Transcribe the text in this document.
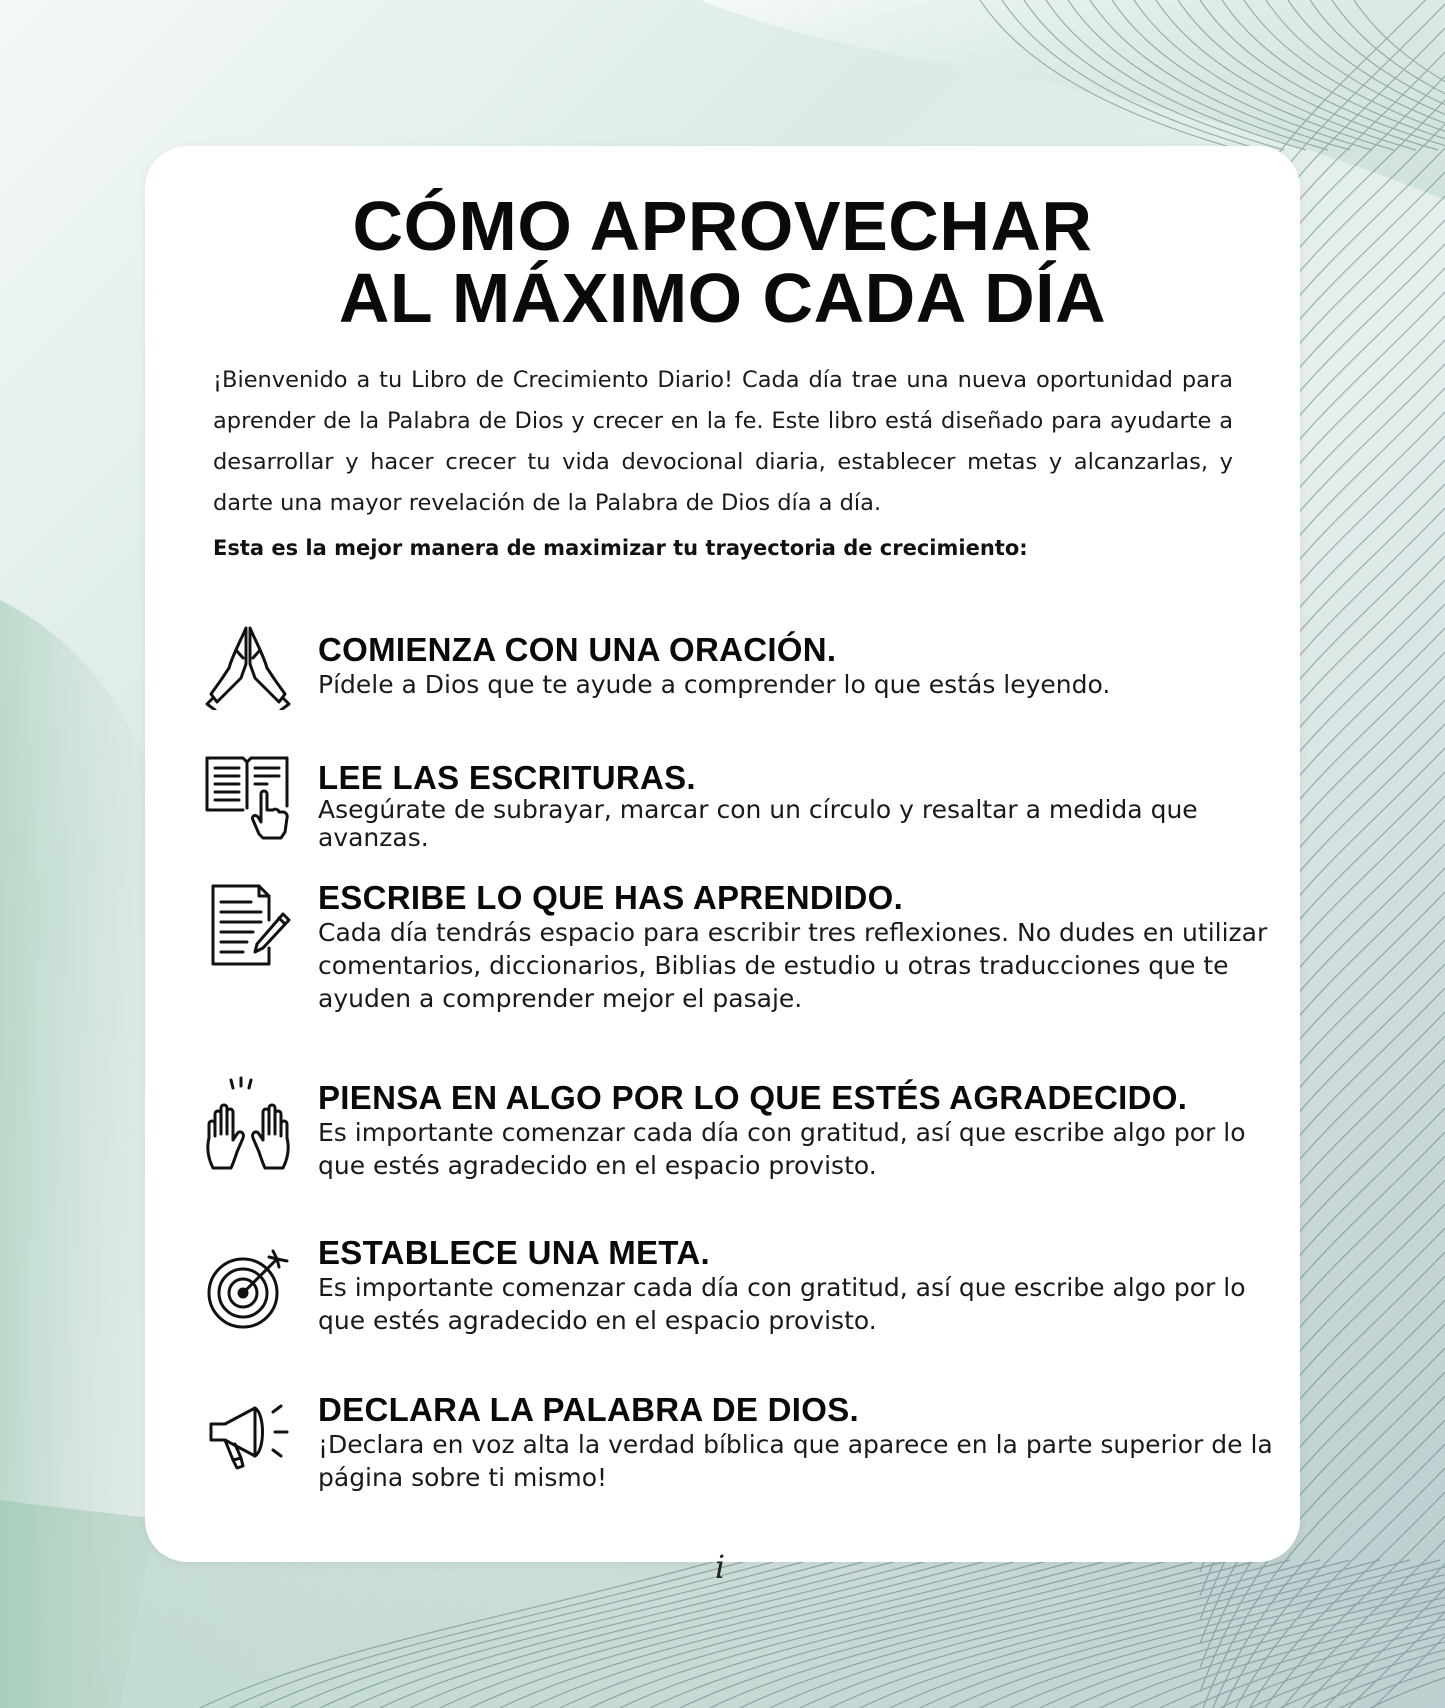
CÓMO APROVECHAR
AL MÁXIMO CADA DÍA
¡Bienvenido a tu Libro de Crecimiento Diario! Cada día trae una nueva oportunidad para aprender de la Palabra de Dios y crecer en la fe. Este libro está diseñado para ayudarte a desarrollar y hacer crecer tu vida devocional diaria, establecer metas y alcanzarlas, y darte una mayor revelación de la Palabra de Dios día a día.
Esta es la mejor manera de maximizar tu trayectoria de crecimiento:
COMIENZA CON UNA ORACIÓN.
Pídele a Dios que te ayude a comprender lo que estás leyendo.
LEE LAS ESCRITURAS.
Asegúrate de subrayar, marcar con un círculo y resaltar a medida que avanzas.
ESCRIBE LO QUE HAS APRENDIDO.
Cada día tendrás espacio para escribir tres reflexiones. No dudes en utilizar comentarios, diccionarios, Biblias de estudio u otras traducciones que te ayuden a comprender mejor el pasaje.
PIENSA EN ALGO POR LO QUE ESTÉS AGRADECIDO.
Es importante comenzar cada día con gratitud, así que escribe algo por lo que estés agradecido en el espacio provisto.
ESTABLECE UNA META.
Es importante comenzar cada día con gratitud, así que escribe algo por lo que estés agradecido en el espacio provisto.
DECLARA LA PALABRA DE DIOS.
¡Declara en voz alta la verdad bíblica que aparece en la parte superior de la página sobre ti mismo!
i
